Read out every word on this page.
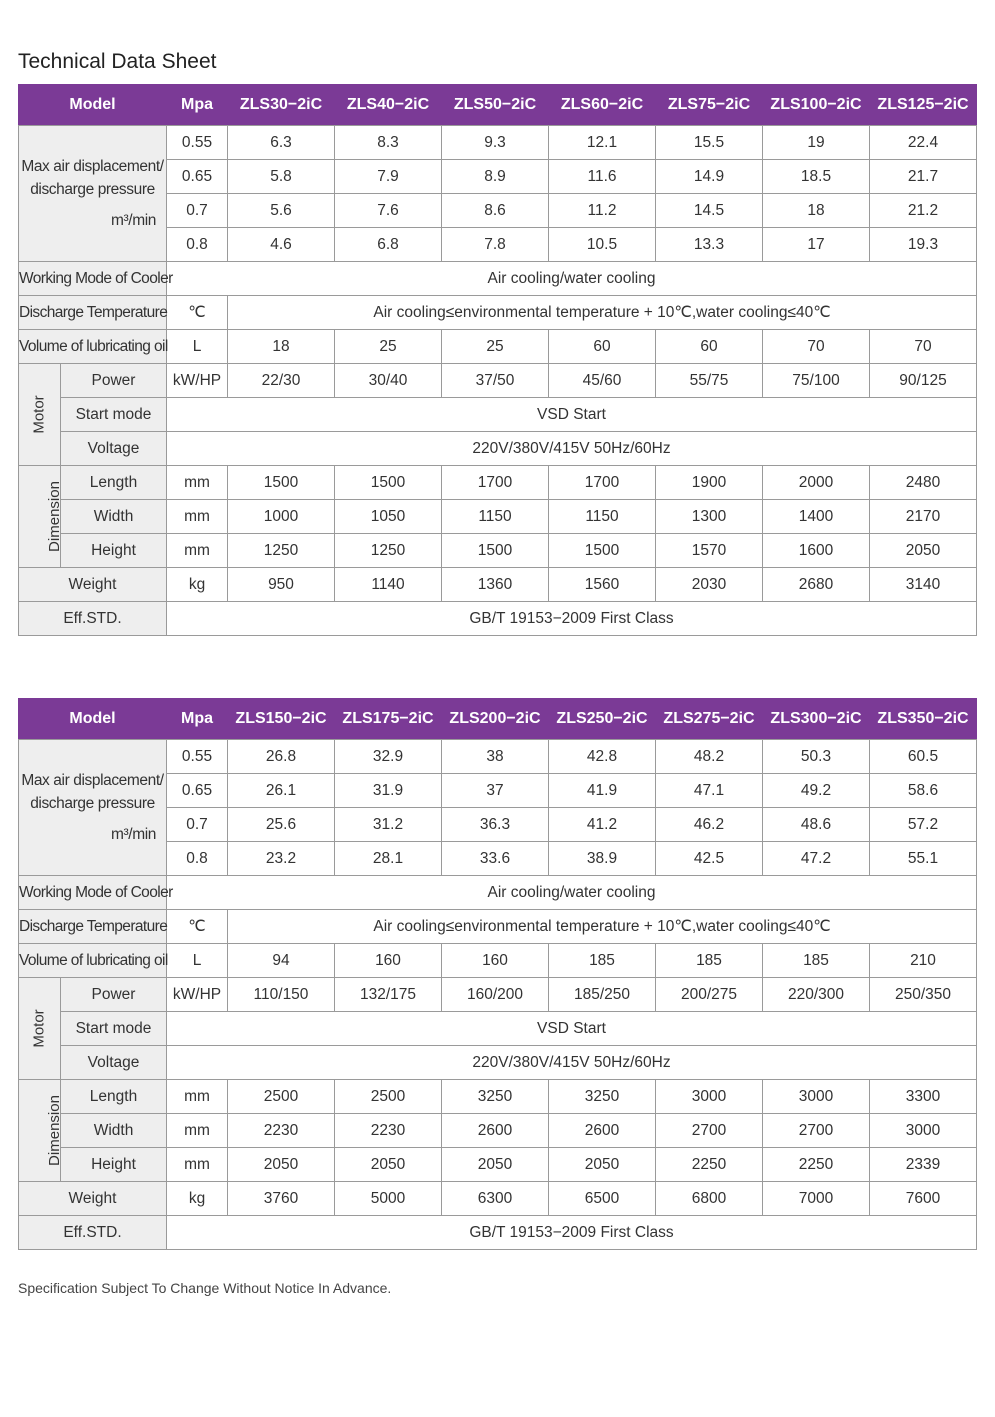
Technical Data Sheet
Model		Mpa	ZLS30−2iC	ZLS40−2iC	ZLS50−2iC	ZLS60−2iC	ZLS75−2iC	ZLS100−2iC	ZLS125−2iC
Max air displacement/
discharge pressure
m³/min		0.55	6.3	8.3	9.3	12.1	15.5	19	22.4
		0.65	5.8	7.9	8.9	11.6	14.9	18.5	21.7
		0.7	5.6	7.6	8.6	11.2	14.5	18	21.2
		0.8	4.6	6.8	7.8	10.5	13.3	17	19.3
Working Mode of Cooler		Air cooling/water cooling							
Discharge Temperature		℃	Air cooling≤environmental temperature + 10℃,water cooling≤40℃						
Volume of lubricating oil		L	18	25	25	60	60	70	70
Motor	Power	kW/HP	22/30	30/40	37/50	45/60	55/75	75/100	90/125
	Start mode	VSD Start							
	Voltage	220V/380V/415V 50Hz/60Hz							
Dimension	Length	mm	1500	1500	1700	1700	1900	2000	2480
	Width	mm	1000	1050	1150	1150	1300	1400	2170
	Height	mm	1250	1250	1500	1500	1570	1600	2050
Weight		kg	950	1140	1360	1560	2030	2680	3140
Eff.STD.		GB/T 19153−2009 First Class							
Model		Mpa	ZLS150−2iC	ZLS175−2iC	ZLS200−2iC	ZLS250−2iC	ZLS275−2iC	ZLS300−2iC	ZLS350−2iC
Max air displacement/
discharge pressure
m³/min		0.55	26.8	32.9	38	42.8	48.2	50.3	60.5
		0.65	26.1	31.9	37	41.9	47.1	49.2	58.6
		0.7	25.6	31.2	36.3	41.2	46.2	48.6	57.2
		0.8	23.2	28.1	33.6	38.9	42.5	47.2	55.1
Working Mode of Cooler		Air cooling/water cooling							
Discharge Temperature		℃	Air cooling≤environmental temperature + 10℃,water cooling≤40℃						
Volume of lubricating oil		L	94	160	160	185	185	185	210
Motor	Power	kW/HP	110/150	132/175	160/200	185/250	200/275	220/300	250/350
	Start mode	VSD Start							
	Voltage	220V/380V/415V 50Hz/60Hz							
Dimension	Length	mm	2500	2500	3250	3250	3000	3000	3300
	Width	mm	2230	2230	2600	2600	2700	2700	3000
	Height	mm	2050	2050	2050	2050	2250	2250	2339
Weight		kg	3760	5000	6300	6500	6800	7000	7600
Eff.STD.		GB/T 19153−2009 First Class							
Specification Subject To Change Without Notice In Advance.
